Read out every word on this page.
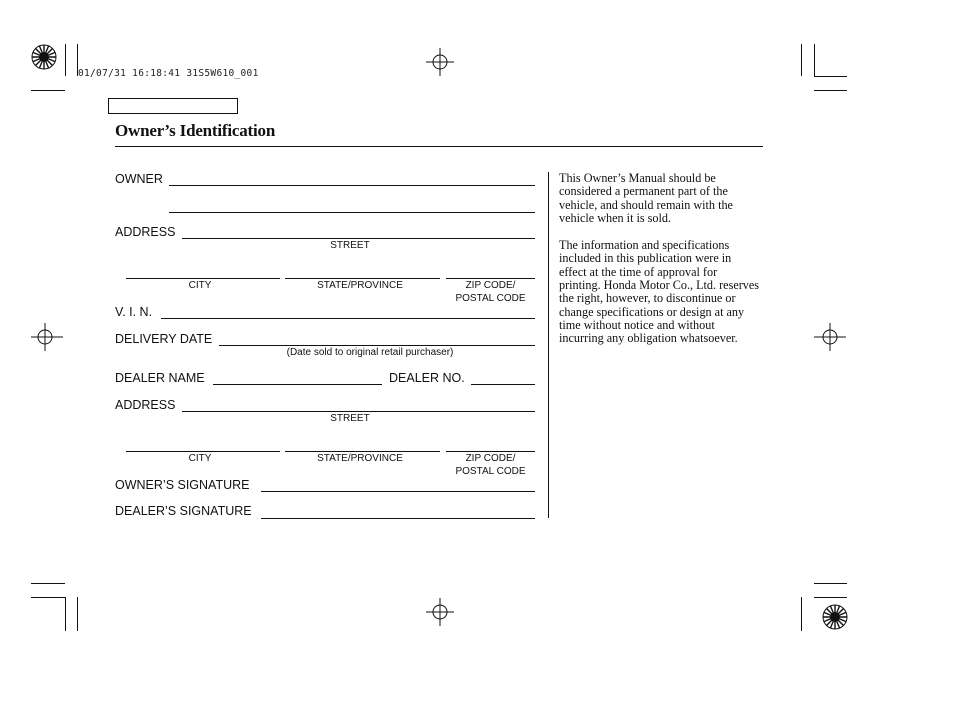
01/07/31 16:18:41 31S5W610_001
Owner’s Identification
OWNER
ADDRESS
STREET
CITY	STATE/PROVINCE	ZIP CODE/
POSTAL CODE
V. I. N.
DELIVERY DATE
(Date sold to original retail purchaser)
DEALER NAME	DEALER NO.
ADDRESS
STREET
CITY	STATE/PROVINCE	ZIP CODE/
POSTAL CODE
OWNER’S SIGNATURE
DEALER’S SIGNATURE

This Owner’s Manual should be considered a permanent part of the vehicle, and should remain with the vehicle when it is sold.

The information and specifications included in this publication were in effect at the time of approval for printing. Honda Motor Co., Ltd. reserves the right, however, to discontinue or change specifications or design at any time without notice and without incurring any obligation whatsoever.
